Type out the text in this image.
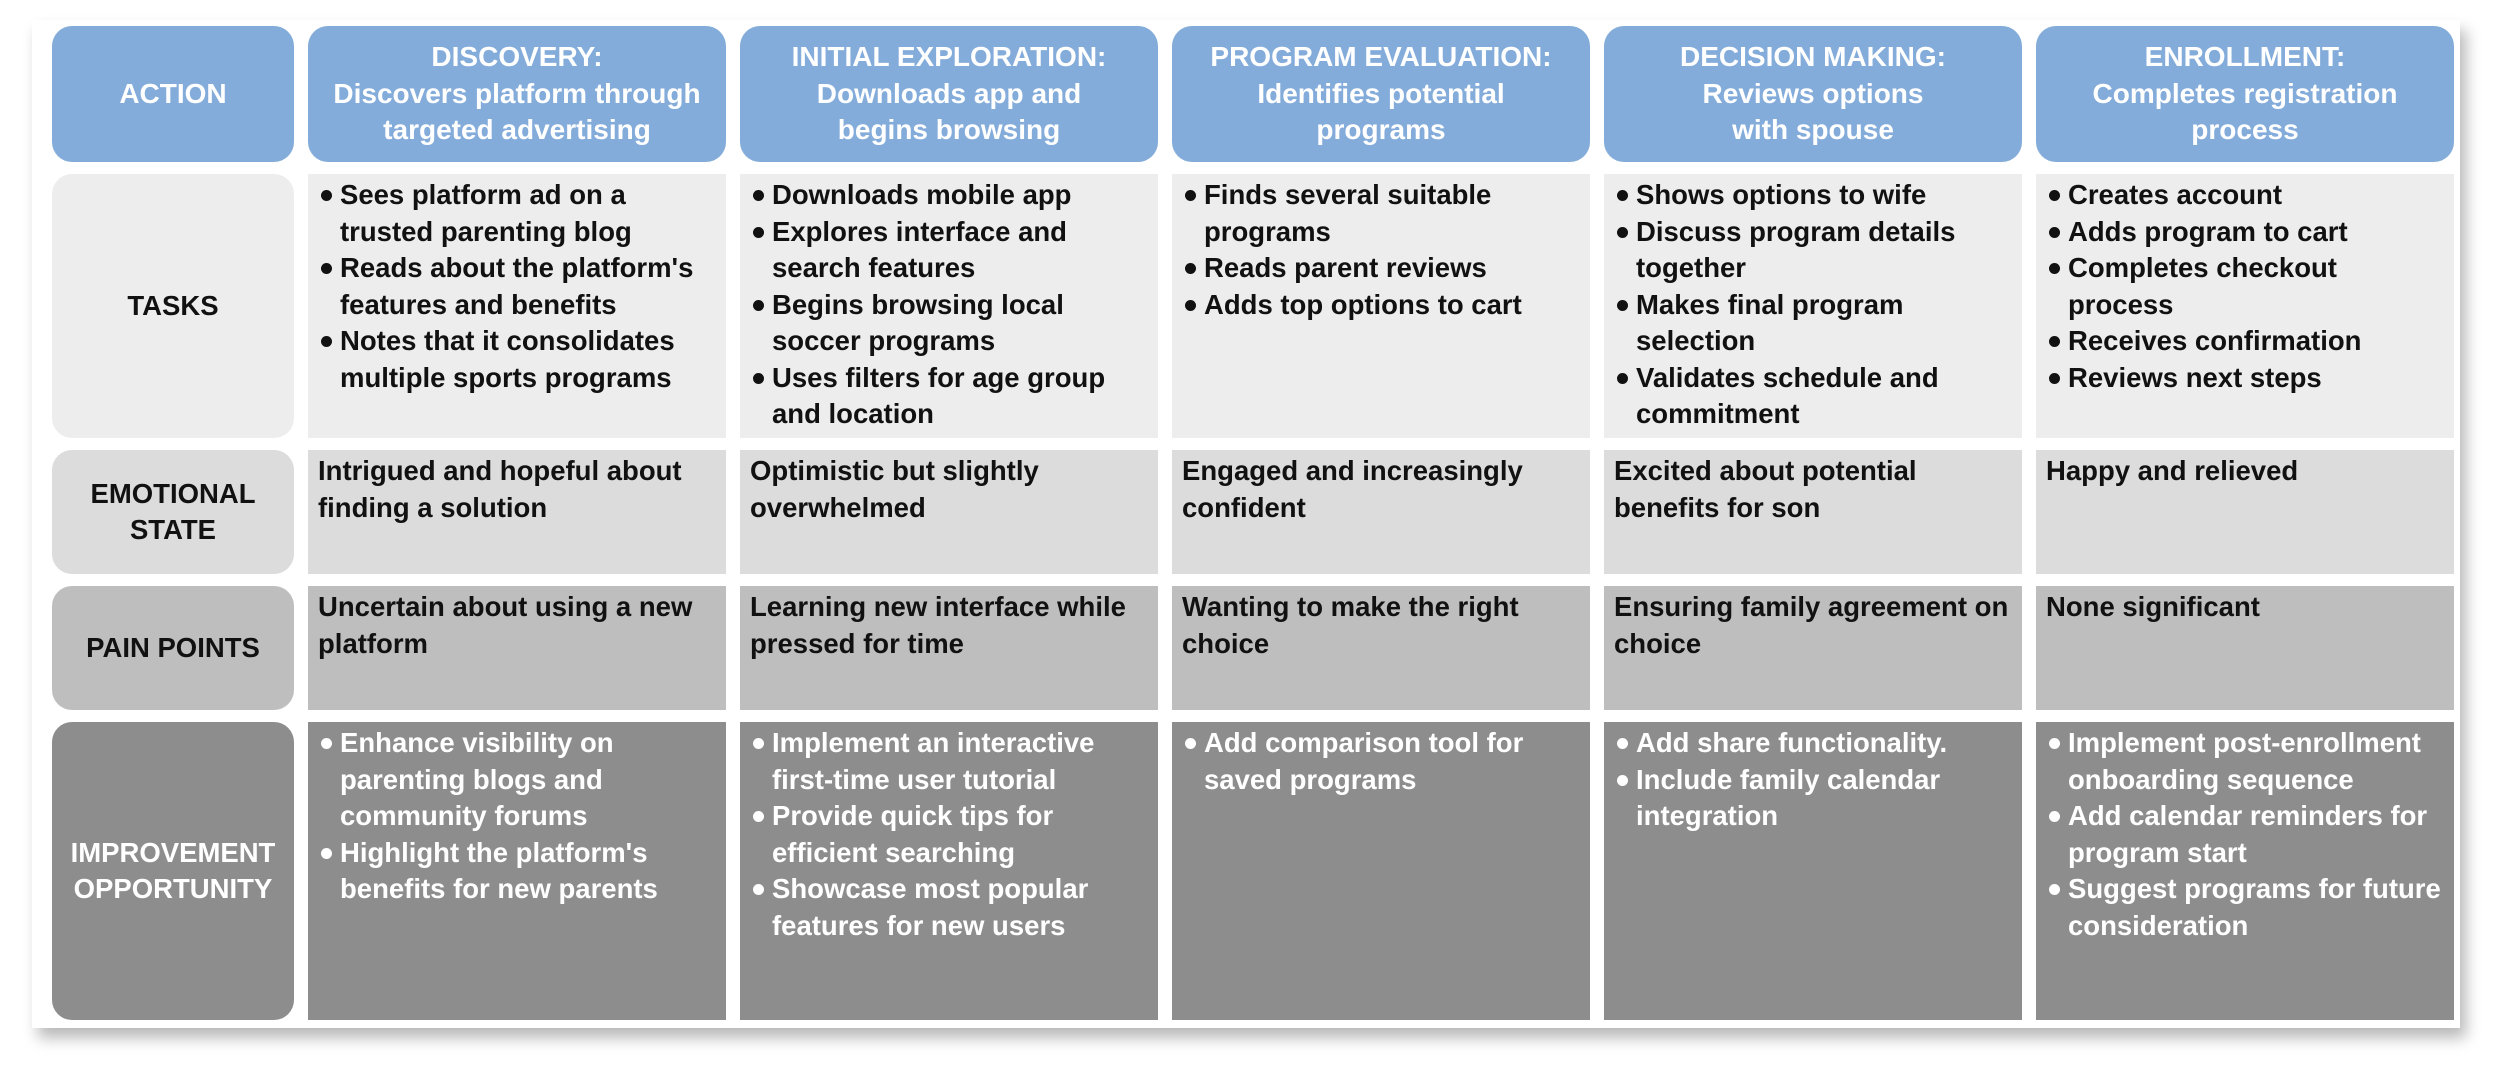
ACTION
DISCOVERY:
Discovers platform through
targeted advertising
INITIAL EXPLORATION:
Downloads app and
begins browsing
PROGRAM EVALUATION:
Identifies potential
programs
DECISION MAKING:
Reviews options
with spouse
ENROLLMENT:
Completes registration
process
TASKS
Sees platform ad on a trusted parenting blog
Reads about the platform's features and benefits
Notes that it consolidates multiple sports programs
Downloads mobile app
Explores interface and search features
Begins browsing local soccer programs
Uses filters for age group and location
Finds several suitable programs
Reads parent reviews
Adds top options to cart
Shows options to wife
Discuss program details together
Makes final program selection
Validates schedule and commitment
Creates account
Adds program to cart
Completes checkout process
Receives confirmation
Reviews next steps
EMOTIONAL
STATE
Intrigued and hopeful about finding a solution
Optimistic but slightly overwhelmed
Engaged and increasingly confident
Excited about potential benefits for son
Happy and relieved
PAIN POINTS
Uncertain about using a new platform
Learning new interface while pressed for time
Wanting to make the right choice
Ensuring family agreement on choice
None significant
IMPROVEMENT
OPPORTUNITY
Enhance visibility on parenting blogs and community forums
Highlight the platform's benefits for new parents
Implement an interactive first-time user tutorial
Provide quick tips for efficient searching
Showcase most popular features for new users
Add comparison tool for saved programs
Add share functionality.
Include family calendar integration
Implement post-enrollment onboarding sequence
Add calendar reminders for program start
Suggest programs for future consideration
